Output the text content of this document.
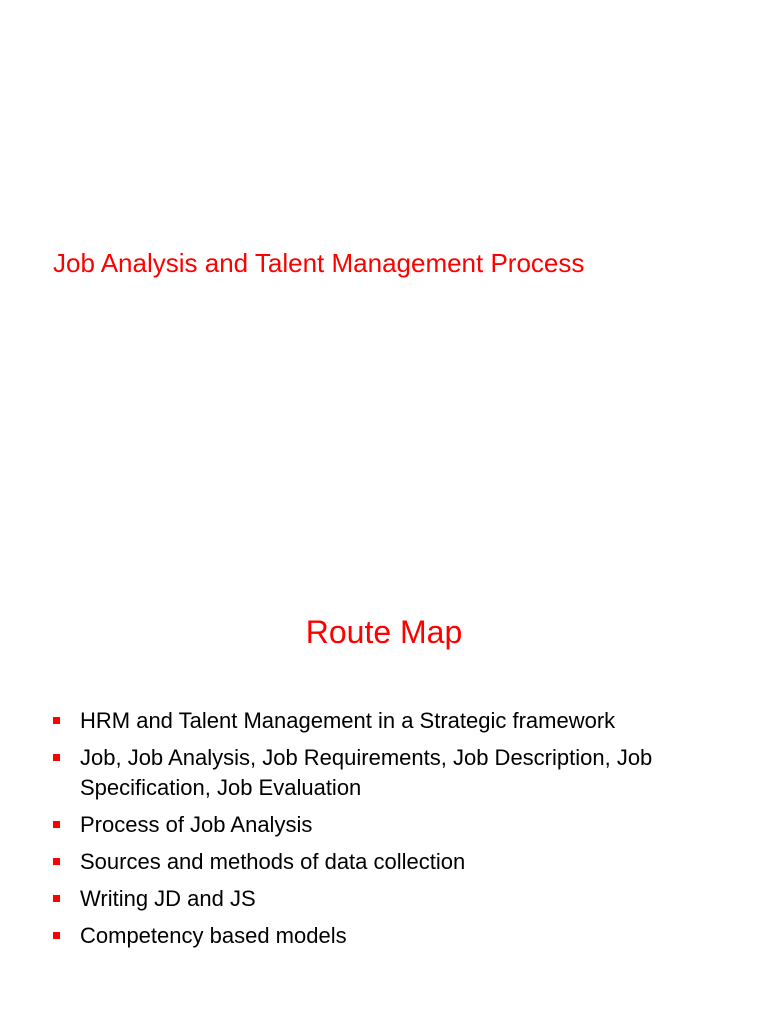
Job Analysis and Talent Management Process
Route Map
HRM and Talent Management in a Strategic framework
Job, Job Analysis, Job Requirements, Job Description, Job Specification, Job Evaluation
Process of Job Analysis
Sources and methods of data collection
Writing JD and JS
Competency based models
